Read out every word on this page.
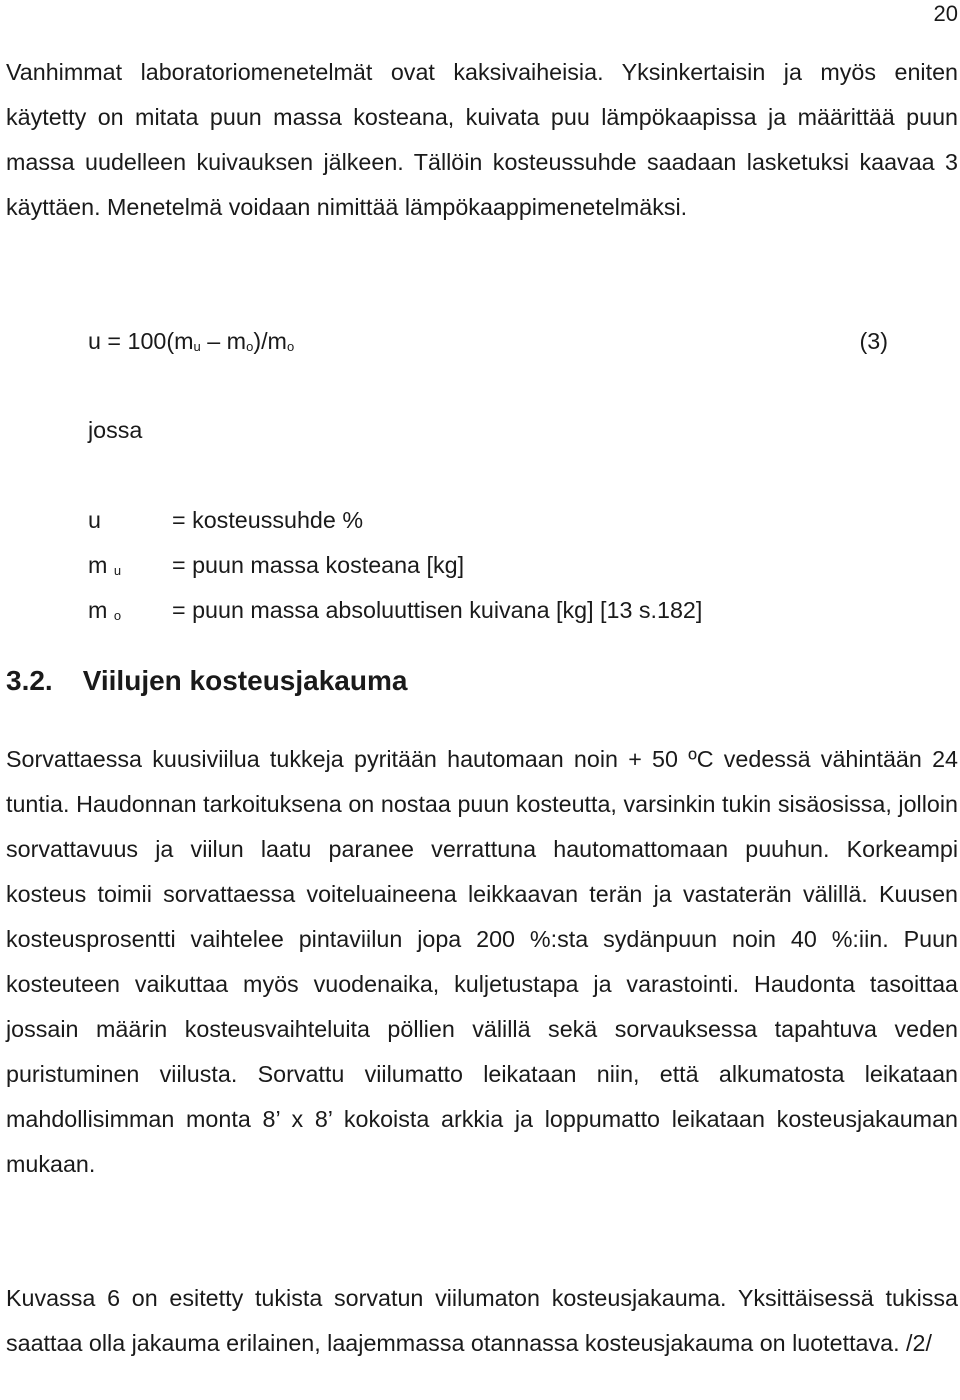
20

Vanhimmat laboratoriomenetelmät ovat kaksivaiheisia. Yksinkertaisin ja myös eniten käytetty on mitata puun massa kosteana, kuivata puu lämpökaapissa ja määrittää puun massa uudelleen kuivauksen jälkeen. Tällöin kosteussuhde saadaan lasketuksi kaavaa 3 käyttäen. Menetelmä voidaan nimittää lämpökaappimenetelmäksi.

$u = 100(m_u - m_o)/m_o$	(3)
jossa
u	= kosteussuhde %
m $_u$ = puun massa kosteana [kg]
m $_o$ = puun massa absoluuttisen kuivana [kg] [13 s.182]
3.2. Viilujen kosteusjakauma

Sorvattaessa kuusiviilua tukkeja pyritään hautomaan noin + 50 ºC vedessä vähintään 24 tuntia. Haudonnan tarkoituksena on nostaa puun kosteutta, varsinkin tukin sisäosissa, jolloin sorvattavuus ja viilun laatu paranee verrattuna hautomattomaan puuhun. Korkeampi kosteus toimii sorvattaessa voiteluaineena leikkaavan terän ja vastaterän välillä. Kuusen kosteusprosentti vaihtelee pintaviilun jopa 200 %:sta sydänpuun noin 40 %:iin. Puun kosteuteen vaikuttaa myös vuodenaika, kuljetustapa ja varastointi. Haudonta tasoittaa jossain määrin kosteusvaihteluita pöllien välillä sekä sorvauksessa tapahtuva veden puristuminen viilusta. Sorvattu viilumatto leikataan niin, että alkumatosta leikataan mahdollisimman monta 8’ x 8’ kokoista arkkia ja loppumatto leikataan kosteusjakauman mukaan.

Kuvassa 6 on esitetty tukista sorvatun viilumaton kosteusjakauma. Yksittäisessä tukissa saattaa olla jakauma erilainen, laajemmassa otannassa kosteusjakauma on luotettava. /2/
